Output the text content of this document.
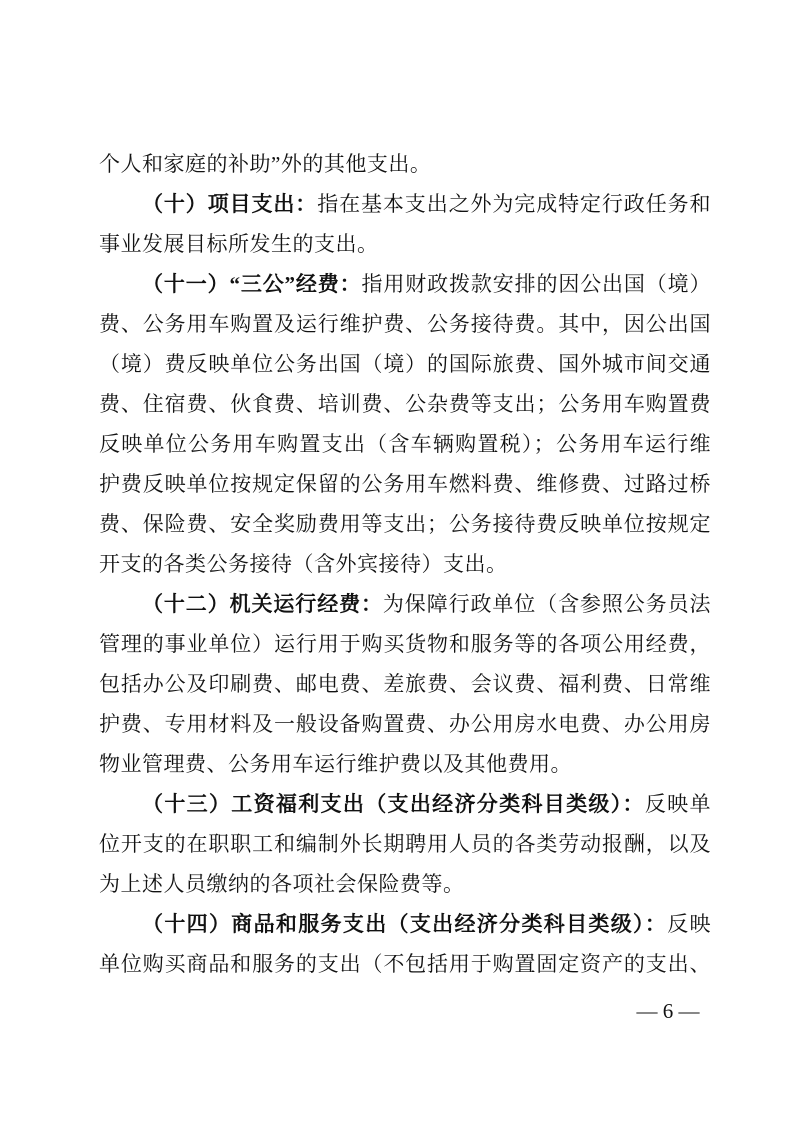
个人和家庭的补助”外的其他支出。
（十）项目支出：指在基本支出之外为完成特定行政任务和
事业发展目标所发生的支出。
（十一）“三公”经费：指用财政拨款安排的因公出国（境）
费、公务用车购置及运行维护费、公务接待费。其中，因公出国
（境）费反映单位公务出国（境）的国际旅费、国外城市间交通
费、住宿费、伙食费、培训费、公杂费等支出；公务用车购置费
反映单位公务用车购置支出（含车辆购置税）；公务用车运行维
护费反映单位按规定保留的公务用车燃料费、维修费、过路过桥
费、保险费、安全奖励费用等支出；公务接待费反映单位按规定
开支的各类公务接待（含外宾接待）支出。
（十二）机关运行经费：为保障行政单位（含参照公务员法
管理的事业单位）运行用于购买货物和服务等的各项公用经费，
包括办公及印刷费、邮电费、差旅费、会议费、福利费、日常维
护费、专用材料及一般设备购置费、办公用房水电费、办公用房
物业管理费、公务用车运行维护费以及其他费用。
（十三）工资福利支出（支出经济分类科目类级）：反映单
位开支的在职职工和编制外长期聘用人员的各类劳动报酬，以及
为上述人员缴纳的各项社会保险费等。
（十四）商品和服务支出（支出经济分类科目类级）：反映
单位购买商品和服务的支出（不包括用于购置固定资产的支出、
— 6 —
